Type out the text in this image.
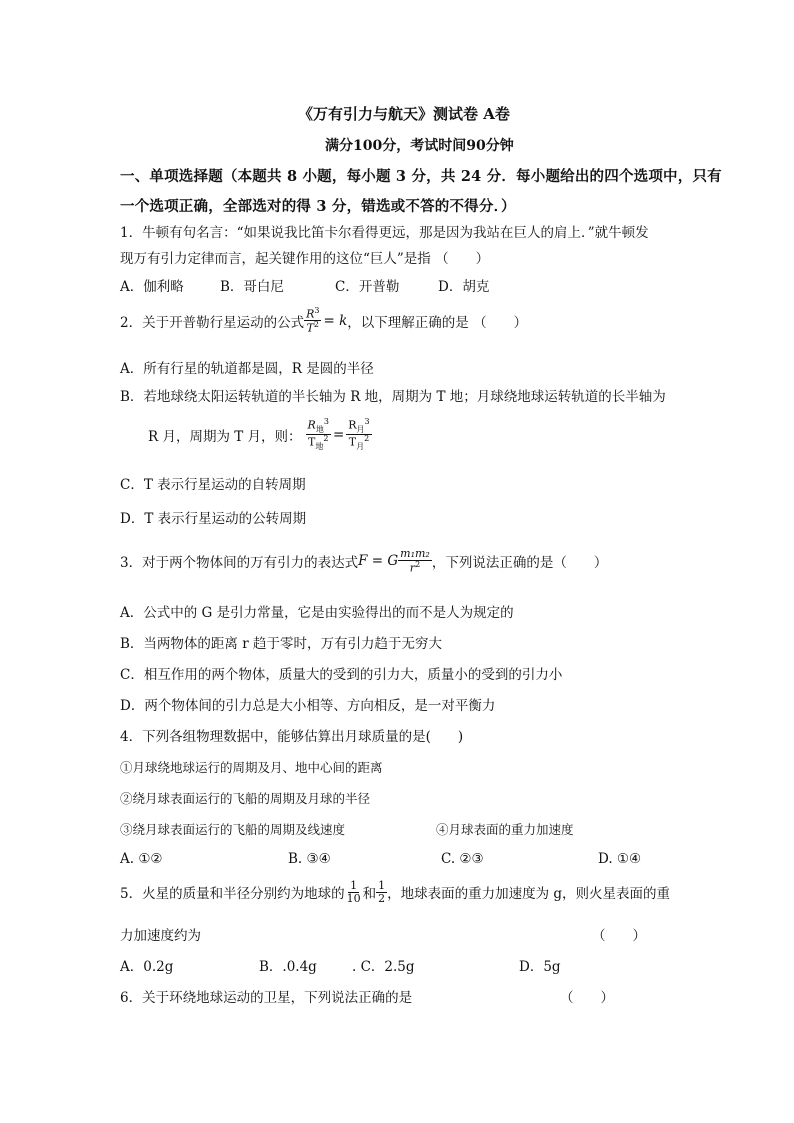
《万有引力与航天》测试卷 A卷
满分100分，考试时间90分钟
一、单项选择题（本题共 8 小题，每小题 3 分，共 24 分．每小题给出的四个选项中，只有
一个选项正确，全部选对的得 3 分，错选或不答的不得分．）
1．牛顿有句名言：“如果说我比笛卡尔看得更远，那是因为我站在巨人的肩上．”就牛顿发
现万有引力定律而言，起关键作用的这位“巨人”是指 （　　）
A．伽利略	B．哥白尼	C．开普勒	D．胡克
2．关于开普勒行星运动的公式 $\frac{R^3}{T^2} = k$ ，以下理解正确的是 （　　）
A．所有行星的轨道都是圆，R 是圆的半径
B．若地球绕太阳运转轨道的半长轴为 R 地，周期为 T 地；月球绕地球运转轨道的长半轴为
R 月，周期为 T 月，则： $\frac{R_地^3}{T_地^2} = \frac{R_月^3}{T_月^2}$
C．T 表示行星运动的自转周期
D．T 表示行星运动的公转周期
3．对于两个物体间的万有引力的表达式 F = G $\frac{\text{m₁m₂}}{r^2}$ ，下列说法正确的是（　　）
A．公式中的 G 是引力常量，它是由实验得出的而不是人为规定的
B．当两物体的距离 r 趋于零时，万有引力趋于无穷大
C．相互作用的两个物体，质量大的受到的引力大，质量小的受到的引力小
D．两个物体间的引力总是大小相等、方向相反，是一对平衡力
4．下列各组物理数据中，能够估算出月球质量的是(　　)
①月球绕地球运行的周期及月、地中心间的距离
②绕月球表面运行的飞船的周期及月球的半径
③绕月球表面运行的飞船的周期及线速度	④月球表面的重力加速度
A. ①②	B. ③④	C. ②③	D. ①④
5．火星的质量和半径分别约为地球的 $\frac{1}{10}$ 和 $\frac{1}{2}$ ，地球表面的重力加速度为 g，则火星表面的重
力加速度约为	（　　）
A．0.2g	B．.0.4g	. C．2.5g	D．5g
6．关于环绕地球运动的卫星，下列说法正确的是	（　　）
